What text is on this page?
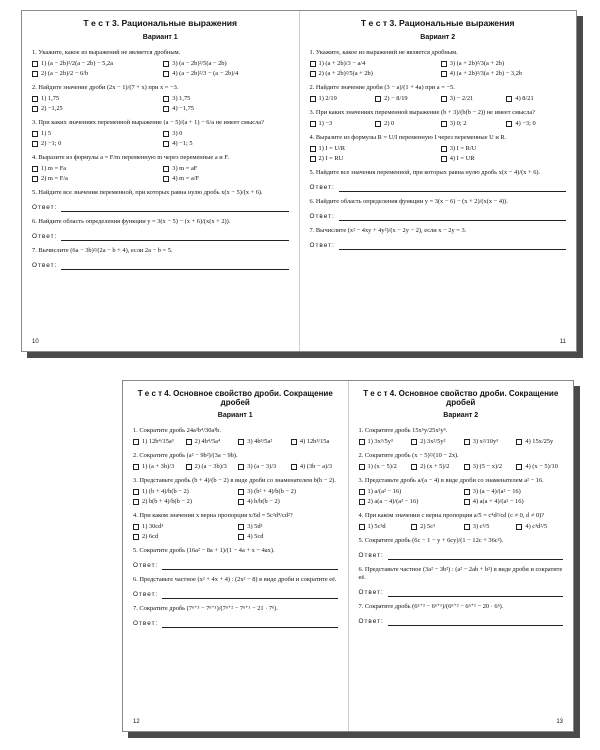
Т е с т 3. Рациональные выражения
Вариант 1
1. Укажите, какое из выражений не является дробным.
1) (a − 2b)²/2(a − 2b) − 5,2a	3) (a − 2b)²/5(a − 2b)
2) (a − 2b)/2 − 6/b	4) (a − 2b)²/3 − (a − 2b)/4
2. Найдите значение дроби (2x − 1)/(7 + x) при x = −3.
1) 1,75	3) 1,75
2) −1,25	4) −1,75
3. При каких значениях переменной выражение (a − 5)/(a + 1) − 6/a не имеет смысла?
1) 5	3) 0
2) −1; 0	4) −1; 5
4. Выразите из формулы a = F/m переменную m через переменные a и F.
1) m = Fa	3) m = aF
2) m = F/a	4) m = a/F
5. Найдите все значения переменной, при которых равна нулю дробь x(x − 5)/(x + 6).
Ответ:
6. Найдите область определения функции y = 3(x − 5) − (x + 6)/(x(x + 2)).
Ответ:
7. Вычислите (6a − 3b)²/(2a − b + 4), если 2a − b = 5.
Ответ:
10
Т е с т 3. Рациональные выражения
Вариант 2
1. Укажите, какое из выражений не является дробным.
1) (a + 2b)/3 − a/4	3) (a + 2b)²/3(a + 2b)
2) (a + 2b)²/5(a + 2b)	4) (a + 2b)²/3(a + 2b) − 3,2b
2. Найдите значение дроби (3 − a)/(1 + 4a) при a = −5.
1) 2/19	2) − 8/19	3) − 2/21	4) 8/21
3. При каких значениях переменной выражение (b + 3)/(b(b − 2)) не имеет смысла?
1) −3	2) 0	3) 0; 2	4) −3; 0
4. Выразите из формулы R = U/I переменную I через переменные U и R.
1) I = U/R	3) I = R/U
2) I = RU	4) I = UR
5. Найдите все значения переменной, при которых равна нулю дробь x(x − 4)/(x + 6).
Ответ:
6. Найдите область определения функции y = 3(x − 6) − (x + 2)/(x(x − 4)).
Ответ:
7. Вычислите (x² − 4xy + 4y²)/(x − 2y − 2), если x − 2y = 3.
Ответ:
11
Т е с т 4. Основное свойство дроби. Сокращение дробей
Вариант 1
1. Сократите дробь 24a²b⁴/30a³b.
1) 12b⁴/15a³	2) 4b⁴/5a⁴	3) 4b³/5a²	4) 12b³/15a
2. Сократите дробь (a² − 9b²)/(3a − 9b).
1) (a + 3b)/3	2) (a − 3b)/3	3) (a − 3)/3	4) (3b − a)/3
3. Представьте дробь (b + 4)/(b − 2) в виде дроби со знаменателем b(b − 2).
1) (b + 4)/b(b − 2)	3) (b² + 4)/b(b − 2)
2) b(b + 4)/b(b − 2)	4) b/b(b − 2)
4. При каком значении x верна пропорция x/6d = 5c²d⁴/cd²?
1) 30cd³	3) 5d³
2) 6cd	4) 5cd
5. Сократите дробь (16a² − 8a + 1)/(1 − 4a + x − 4ax).
Ответ:
6. Представьте частное (x² + 4x + 4) : (2x² − 8) в виде дроби и сократите её.
Ответ:
7. Сократите дробь (7ⁿ⁺³ − 7ⁿ⁺¹)/(7ⁿ⁺² − 7ⁿ⁺¹ − 21 · 7ⁿ).
Ответ:
12
Т е с т 4. Основное свойство дроби. Сокращение дробей
Вариант 2
1. Сократите дробь 15x⁵y/25x²y³.
1) 3x³/5y³	2) 3x²/5y²	3) x²/10y³	4) 15x/25y
2. Сократите дробь (x − 5)²/(10 − 2x).
1) (x − 5)/2	2) (x + 5)/2	3) (5 − x)/2	4) (x − 5)/10
3. Представьте дробь a/(a − 4) в виде дроби со знаменателем a² − 16.
1) a/(a² − 16)	3) (a − 4)/(a² − 16)
2) a(a − 4)/(a² − 16)	4) a(a + 4)/(a² − 16)
4. При каком значении c верна пропорция a/5 = c⁴d²/cd (c ≠ 0, d ≠ 0)?
1) 5c³d	2) 5c³	3) c³/5	4) c³d²/5
5. Сократите дробь (6c − 1 − y + 6cy)/(1 − 12c + 36c²).
Ответ:
6. Представьте частное (3a² − 3b²) : (a² − 2ab + b²) в виде дроби и сократите её.
Ответ:
7. Сократите дробь (6ⁿ⁺³ − 6ⁿ⁺¹)/(6ⁿ⁺² − 6ⁿ⁺¹ − 20 · 6ⁿ).
Ответ:
13
